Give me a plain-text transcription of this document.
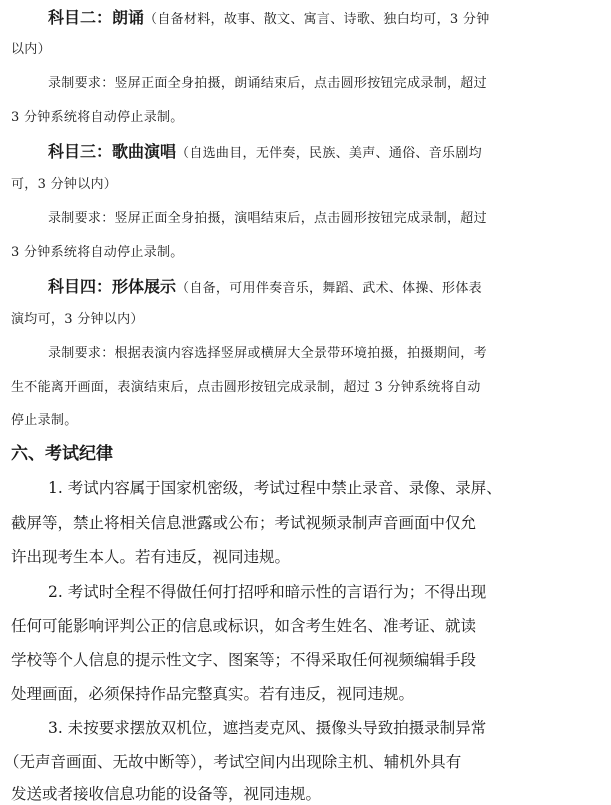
科目二：朗诵（自备材料，故事、散文、寓言、诗歌、独白均可，3 分钟
以内）
录制要求：竖屏正面全身拍摄，朗诵结束后，点击圆形按钮完成录制，超过
3 分钟系统将自动停止录制。
科目三：歌曲演唱（自选曲目，无伴奏，民族、美声、通俗、音乐剧均
可，3 分钟以内）
录制要求：竖屏正面全身拍摄，演唱结束后，点击圆形按钮完成录制，超过
3 分钟系统将自动停止录制。
科目四：形体展示（自备，可用伴奏音乐，舞蹈、武术、体操、形体表
演均可，3 分钟以内）
录制要求：根据表演内容选择竖屏或横屏大全景带环境拍摄，拍摄期间，考
生不能离开画面，表演结束后，点击圆形按钮完成录制，超过 3 分钟系统将自动
停止录制。
六、考试纪律
1. 考试内容属于国家机密级，考试过程中禁止录音、录像、录屏、
截屏等，禁止将相关信息泄露或公布；考试视频录制声音画面中仅允
许出现考生本人。若有违反，视同违规。
2. 考试时全程不得做任何打招呼和暗示性的言语行为；不得出现
任何可能影响评判公正的信息或标识，如含考生姓名、准考证、就读
学校等个人信息的提示性文字、图案等；不得采取任何视频编辑手段
处理画面，必须保持作品完整真实。若有违反，视同违规。
3. 未按要求摆放双机位，遮挡麦克风、摄像头导致拍摄录制异常
（无声音画面、无故中断等），考试空间内出现除主机、辅机外具有
发送或者接收信息功能的设备等，视同违规。
